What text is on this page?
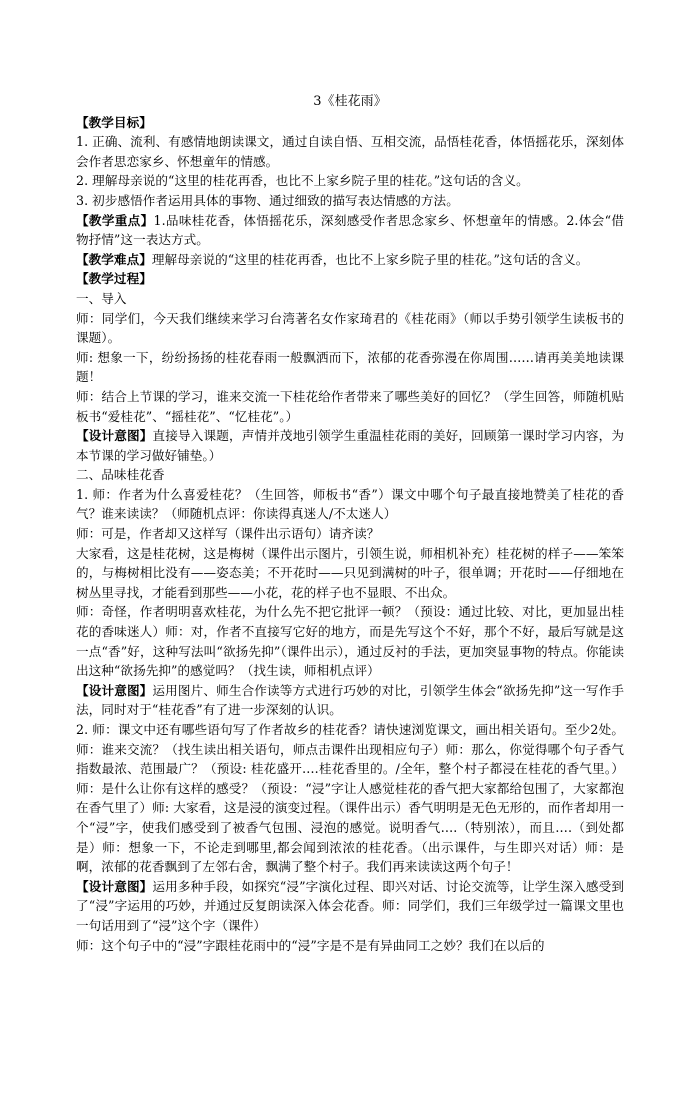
3《桂花雨》

【教学目标】

1. 正确、流利、有感情地朗读课文，通过自读自悟、互相交流，品悟桂花香，体悟摇花乐，深刻体会作者思恋家乡、怀想童年的情感。

2. 理解母亲说的“这里的桂花再香，也比不上家乡院子里的桂花。”这句话的含义。

3. 初步感悟作者运用具体的事物、通过细致的描写表达情感的方法。

【教学重点】1.品味桂花香，体悟摇花乐，深刻感受作者思念家乡、怀想童年的情感。2.体会“借物抒情”这一表达方式。

【教学难点】理解母亲说的“这里的桂花再香，也比不上家乡院子里的桂花。”这句话的含义。

【教学过程】

一、导入

师：同学们，今天我们继续来学习台湾著名女作家琦君的《桂花雨》（师以手势引领学生读板书的课题）。

师: 想象一下，纷纷扬扬的桂花春雨一般飘洒而下，浓郁的花香弥漫在你周围……请再美美地读课题！

师：结合上节课的学习，谁来交流一下桂花给作者带来了哪些美好的回忆？（学生回答，师随机贴板书“爱桂花”、“摇桂花”、“忆桂花”。）

【设计意图】直接导入课题，声情并茂地引领学生重温桂花雨的美好，回顾第一课时学习内容，为本节课的学习做好铺垫。）

二、品味桂花香

1. 师：作者为什么喜爱桂花？（生回答，师板书“香”）课文中哪个句子最直接地赞美了桂花的香气？谁来读读？（师随机点评：你读得真迷人/不太迷人）

师：可是，作者却又这样写（课件出示语句）请齐读？

大家看，这是桂花树，这是梅树（课件出示图片，引领生说，师相机补充）桂花树的样子——笨笨的，与梅树相比没有——姿态美；不开花时——只见到满树的叶子，很单调；开花时——仔细地在树丛里寻找，才能看到那些——小花，花的样子也不显眼、不出众。

师：奇怪，作者明明喜欢桂花，为什么先不把它批评一顿？（预设：通过比较、对比，更加显出桂花的香味迷人）师：对，作者不直接写它好的地方，而是先写这个不好，那个不好，最后写就是这一点“香”好，这种写法叫“欲扬先抑”（课件出示），通过反衬的手法，更加突显事物的特点。你能读出这种“欲扬先抑”的感觉吗？（找生读，师相机点评）

【设计意图】运用图片、师生合作读等方式进行巧妙的对比，引领学生体会“欲扬先抑”这一写作手法，同时对于“桂花香”有了进一步深刻的认识。

2. 师：课文中还有哪些语句写了作者故乡的桂花香？请快速浏览课文，画出相关语句。至少2处。师：谁来交流？（找生读出相关语句，师点击课件出现相应句子）师：那么，你觉得哪个句子香气指数最浓、范围最广？（预设: 桂花盛开….桂花香里的。/全年，整个村子都浸在桂花的香气里。）师：是什么让你有这样的感受？（预设：“浸”字让人感觉桂花的香气把大家都给包围了，大家都泡在香气里了）师: 大家看，这是浸的演变过程。（课件出示）香气明明是无色无形的，而作者却用一个“浸”字，使我们感受到了被香气包围、浸泡的感觉。说明香气….（特别浓），而且….（到处都是）师：想象一下，不论走到哪里,都会闻到浓浓的桂花香。（出示课件，与生即兴对话）师：是啊，浓郁的花香飘到了左邻右舍，飘满了整个村子。我们再来读读这两个句子！

【设计意图】运用多种手段，如探究“浸”字演化过程、即兴对话、讨论交流等，让学生深入感受到了“浸”字运用的巧妙，并通过反复朗读深入体会花香。师：同学们，我们三年级学过一篇课文里也一句话用到了“浸”这个字（课件）

师：这个句子中的“浸”字跟桂花雨中的“浸”字是不是有异曲同工之妙？我们在以后的
